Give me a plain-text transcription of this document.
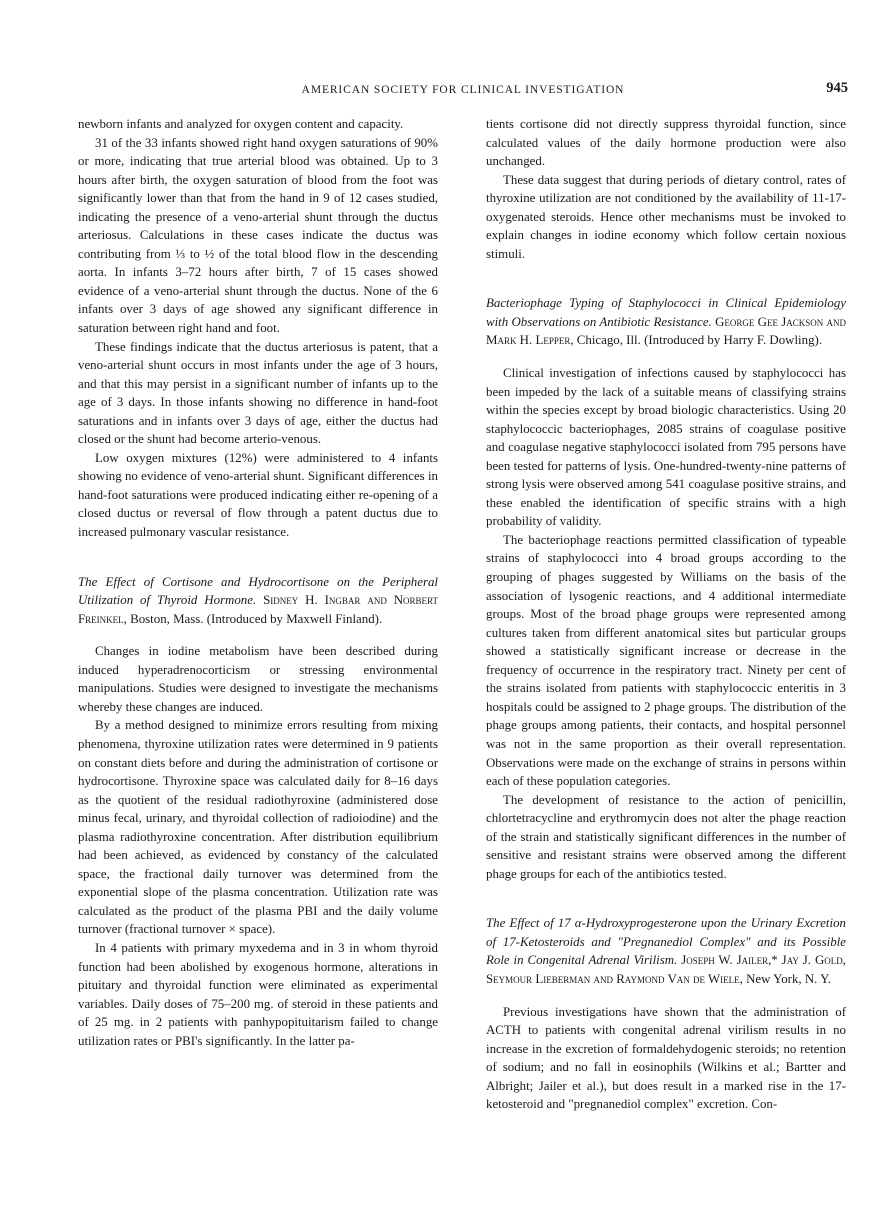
AMERICAN SOCIETY FOR CLINICAL INVESTIGATION	945

newborn infants and analyzed for oxygen content and capacity.

31 of the 33 infants showed right hand oxygen saturations of 90% or more, indicating that true arterial blood was obtained. Up to 3 hours after birth, the oxygen saturation of blood from the foot was significantly lower than that from the hand in 9 of 12 cases studied, indicating the presence of a veno-arterial shunt through the ductus arteriosus. Calculations in these cases indicate the ductus was contributing from ⅓ to ½ of the total blood flow in the descending aorta. In infants 3–72 hours after birth, 7 of 15 cases showed evidence of a veno-arterial shunt through the ductus. None of the 6 infants over 3 days of age showed any significant difference in saturation between right hand and foot.

These findings indicate that the ductus arteriosus is patent, that a veno-arterial shunt occurs in most infants under the age of 3 hours, and that this may persist in a significant number of infants up to the age of 3 days. In those infants showing no difference in hand-foot saturations and in infants over 3 days of age, either the ductus had closed or the shunt had become arterio-venous.

Low oxygen mixtures (12%) were administered to 4 infants showing no evidence of veno-arterial shunt. Significant differences in hand-foot saturations were produced indicating either re-opening of a closed ductus or reversal of flow through a patent ductus due to increased pulmonary vascular resistance.

The Effect of Cortisone and Hydrocortisone on the Peripheral Utilization of Thyroid Hormone. Sidney H. Ingbar and Norbert Freinkel, Boston, Mass. (Introduced by Maxwell Finland).

Changes in iodine metabolism have been described during induced hyperadrenocorticism or stressing environmental manipulations. Studies were designed to investigate the mechanisms whereby these changes are induced.

By a method designed to minimize errors resulting from mixing phenomena, thyroxine utilization rates were determined in 9 patients on constant diets before and during the administration of cortisone or hydrocortisone. Thyroxine space was calculated daily for 8–16 days as the quotient of the residual radiothyroxine (administered dose minus fecal, urinary, and thyroidal collection of radioiodine) and the plasma radiothyroxine concentration. After distribution equilibrium had been achieved, as evidenced by constancy of the calculated space, the fractional daily turnover was determined from the exponential slope of the plasma concentration. Utilization rate was calculated as the product of the plasma PBI and the daily volume turnover (fractional turnover × space).

In 4 patients with primary myxedema and in 3 in whom thyroid function had been abolished by exogenous hormone, alterations in pituitary and thyroidal function were eliminated as experimental variables. Daily doses of 75–200 mg. of steroid in these patients and of 25 mg. in 2 patients with panhypopituitarism failed to change utilization rates or PBI's significantly. In the latter pa-

tients cortisone did not directly suppress thyroidal function, since calculated values of the daily hormone production were also unchanged.

These data suggest that during periods of dietary control, rates of thyroxine utilization are not conditioned by the availability of 11-17-oxygenated steroids. Hence other mechanisms must be invoked to explain changes in iodine economy which follow certain noxious stimuli.

Bacteriophage Typing of Staphylococci in Clinical Epidemiology with Observations on Antibiotic Resistance. George Gee Jackson and Mark H. Lepper, Chicago, Ill. (Introduced by Harry F. Dowling).

Clinical investigation of infections caused by staphylococci has been impeded by the lack of a suitable means of classifying strains within the species except by broad biologic characteristics. Using 20 staphylococcic bacteriophages, 2085 strains of coagulase positive and coagulase negative staphylococci isolated from 795 persons have been tested for patterns of lysis. One-hundred-twenty-nine patterns of strong lysis were observed among 541 coagulase positive strains, and these enabled the identification of specific strains with a high probability of validity.

The bacteriophage reactions permitted classification of typeable strains of staphylococci into 4 broad groups according to the grouping of phages suggested by Williams on the basis of the association of lysogenic reactions, and 4 additional intermediate groups. Most of the broad phage groups were represented among cultures taken from different anatomical sites but particular groups showed a statistically significant increase or decrease in the frequency of occurrence in the respiratory tract. Ninety per cent of the strains isolated from patients with staphylococcic enteritis in 3 hospitals could be assigned to 2 phage groups. The distribution of the phage groups among patients, their contacts, and hospital personnel was not in the same proportion as their overall representation. Observations were made on the exchange of strains in persons within each of these population categories.

The development of resistance to the action of penicillin, chlortetracycline and erythromycin does not alter the phage reaction of the strain and statistically significant differences in the number of sensitive and resistant strains were observed among the different phage groups for each of the antibiotics tested.

The Effect of 17 α-Hydroxyprogesterone upon the Urinary Excretion of 17-Ketosteroids and "Pregnanediol Complex" and its Possible Role in Congenital Adrenal Virilism. Joseph W. Jailer,* Jay J. Gold, Seymour Lieberman and Raymond Van de Wiele, New York, N. Y.

Previous investigations have shown that the administration of ACTH to patients with congenital adrenal virilism results in no increase in the excretion of formaldehydogenic steroids; no retention of sodium; and no fall in eosinophils (Wilkins et al.; Bartter and Albright; Jailer et al.), but does result in a marked rise in the 17-ketosteroid and "pregnanediol complex" excretion. Con-
